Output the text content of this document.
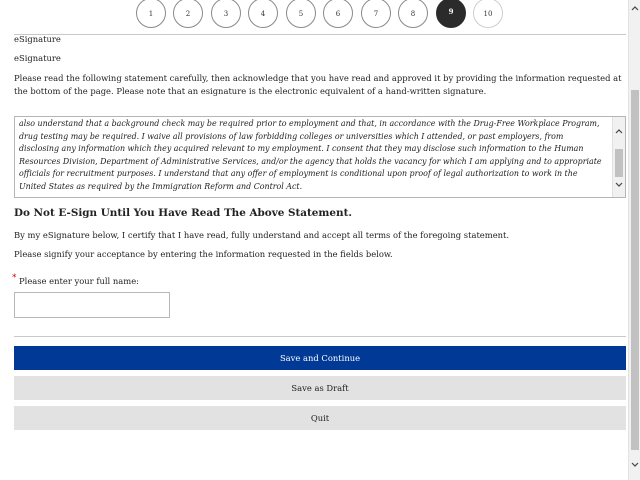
1	2	3	4	5	6	7	8	9	10
eSignature
eSignature
Please read the following statement carefully, then acknowledge that you have read and approved it by providing the information requested at the bottom of the page. Please note that an esignature is the electronic equivalent of a hand-written signature.
also understand that a background check may be required prior to employment and that, in accordance with the Drug-Free Workplace Program, drug testing may be required. I waive all provisions of law forbidding colleges or universities which I attended, or past employers, from disclosing any information which they acquired relevant to my employment. I consent that they may disclose such information to the Human Resources Division, Department of Administrative Services, and/or the agency that holds the vacancy for which I am applying and to appropriate officials for recruitment purposes. I understand that any offer of employment is conditional upon proof of legal authorization to work in the United States as required by the Immigration Reform and Control Act.
Do Not E-Sign Until You Have Read The Above Statement.
By my eSignature below, I certify that I have read, fully understand and accept all terms of the foregoing statement.
Please signify your acceptance by entering the information requested in the fields below.
* Please enter your full name:
Save and Continue
Save as Draft
Quit
